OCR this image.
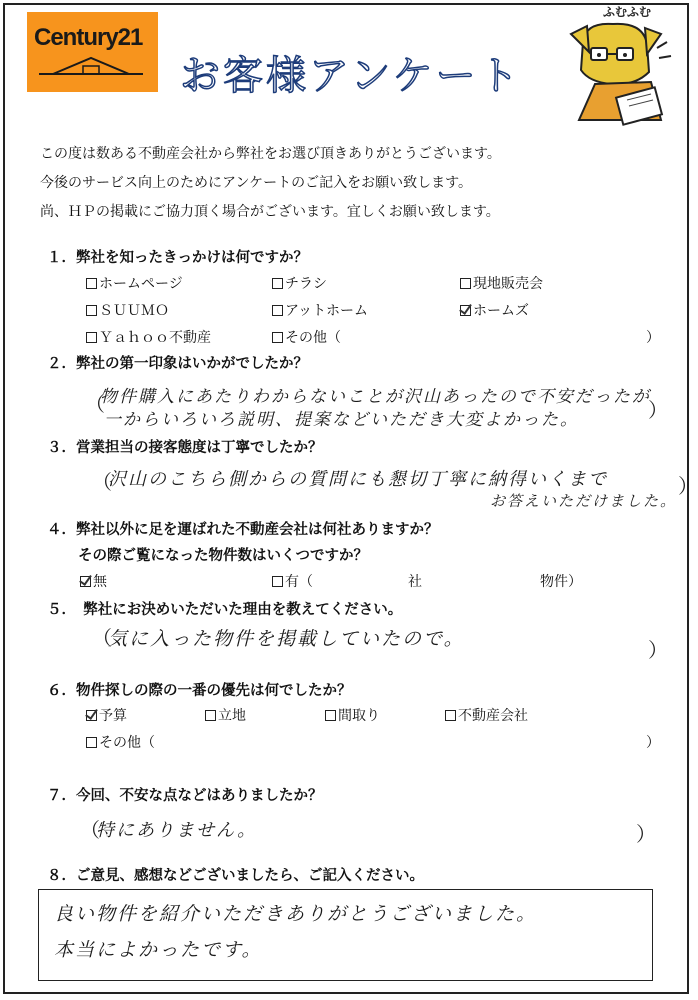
Century21
お客様アンケート
ふむふむ
この度は数ある不動産会社から弊社をお選び頂きありがとうございます。
今後のサービス向上のためにアンケートのご記入をお願い致します。
尚、ＨＰの掲載にご協力頂く場合がございます。宜しくお願い致します。
１．弊社を知ったきっかけは何ですか？
ホームページ	チラシ	現地販売会
ＳＵＵＭＯ	アットホーム	ホームズ
Ｙａｈｏｏ不動産	その他（	）
２．弊社の第一印象はいかがでしたか？
（
物件購入にあたりわからないことが沢山あったので不安だったが
一からいろいろ説明、提案などいただき大変よかった。	）
３．営業担当の接客態度は丁寧でしたか？
（
沢山のこちら側からの質問にも懇切丁寧に納得いくまで
お答えいただけました。
）
４．弊社以外に足を運ばれた不動産会社は何社ありますか？
その際ご覧になった物件数はいくつですか？
無	有（	社	物件）
５．　弊社にお決めいただいた理由を教えてください。
（
気に入った物件を掲載していたので。	）
６．物件探しの際の一番の優先は何でしたか？
予算	立地	間取り	不動産会社
その他（	）
７．今回、不安な点などはありましたか？
（
特にありません。	）
８．ご意見、感想などございましたら、ご記入ください。
良い物件を紹介いただきありがとうございました。
本当によかったです。
